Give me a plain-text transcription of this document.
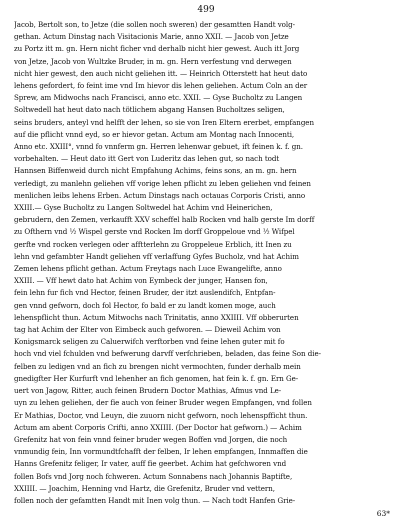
499
Jacob, Bertolt son, to Jetze (die sollen noch sweren) der gesamtten Handt volg-
gethan. Actum Dinstag nach Visitacionis Marie, anno XXII. — Jacob von Jetze
zu Portz itt m. gn. Hern nicht ficher vnd derhalb nicht hier gewest. Auch itt Jorg
von Jetze, Jacob von Wultzke Bruder, in m. gn. Hern verfestung vnd derwegen
nicht hier gewest, den auch nicht geliehen itt. — Heinrich Otterstett hat heut dato
lehens gefordert, fo feint ime vnd Im hievor dis lehen geliehen. Actum Coln an der
Sprew, am Midwochs nach Francisci, anno etc. XXII. — Gyse Bucholtz zu Langen
Soltwedell hat heut dato nach tötlichem abgang Hansen Bucholtzes seligen,
seins bruders, anteyl vnd helfft der lehen, so sie von Iren Eltern ererbet, empfangen
auf die pflicht vnnd eyd, so er hievor getan. Actum am Montag nach Innocenti,
Anno etc. XXIII°, vnnd fo vnnferm gn. Herren lehenwar gebuet, ift feinen k. f. gn.
vorbehalten. — Heut dato itt Gert von Luderitz das lehen gut, so nach todt
Hannsen Biffenweid durch nicht Empfahung Achims, feins sons, an m. gn. hern
verledigt, zu manlehn geliehen vff vorige lehen pflicht zu leben geliehen vnd feinen
menlichen leibs lehens Erben. Actum Dinstags nach octauas Corporis Cristi, anno
XXIII.— Gyse Bucholtz zu Langen Soltwedel hat Achim vnd Heinerichen,
gebrudern, den Zemen, verkaufft XXV scheffel halb Rocken vnd halb gerste Im dorff
zu Ofthern vnd ½ Wispel gerste vnd Rocken Im dorff Groppeloue vnd ½ Wifpel
gerfte vnd rocken verlegen oder afftterlehn zu Groppeleue Erblich, itt Inen zu
lehn vnd gefambter Handt geliehen vff verlaffung Gyfes Bucholz, vnd hat Achim
Zemen lehens pflicht gethan. Actum Freytags nach Luce Ewangelifte, anno
XXIII. — Vff hewt dato hat Achim von Eymbeck der junger, Hansen fon,
fein lehn fur fich vnd Hector, feinen Bruder, der itzt auslendifch, Entpfan-
gen vnnd gefworn, doch fol Hector, fo bald er zu landt komen moge, auch
lehenspflicht thun. Actum Mitwochs nach Trinitatis, anno XXIIII. Vff obberurten
tag hat Achim der Elter von Eimbeck auch gefworen. — Dieweil Achim von
Konigsmarck seligen zu Caluerwifch verftorben vnd feine lehen guter mit fo
hoch vnd viel fchulden vnd befwerung darvff verfchrieben, beladen, das feine Son die-
felben zu ledigen vnd an fich zu brengen nicht vermochten, funder derhalb mein
gnedigfter Her Kurfurft vnd lehenher an fich genomen, hat fein k. f. gn. Ern Ge-
uert von Jagow, Ritter, auch feinen Brudern Doctor Mathias, Afmus vnd Le-
uyn zu lehen geliehen, der fie auch von feiner Bruder wegen Empfangen, vnd follen
Er Mathias, Doctor, vnd Leuyn, die zuuorn nicht gefworn, noch lehenspfficht thun.
Actum am abent Corporis Crifti, anno XXIIII. (Der Doctor hat gefworn.) — Achim
Grefenitz hat von fein vnnd feiner bruder wegen Boffen vnd Jorgen, die noch
vnmundig fein, Inn vormundtfchafft der felben, Ir lehen empfangen, Innmaffen die
Hanns Grefenitz feliger, Ir vater, auff fie geerbet. Achim hat gefchworen vnd
follen Bofs vnd Jorg noch fchweren. Actum Sonnabens nach Johannis Baptifte,
XXIIII. — Joachim, Henning vnd Hartz, die Grefenitz, Bruder vnd vettern,
follen noch der gefamtten Handt mit Inen volg thun. — Nach todt Hanfen Grie-
63*
